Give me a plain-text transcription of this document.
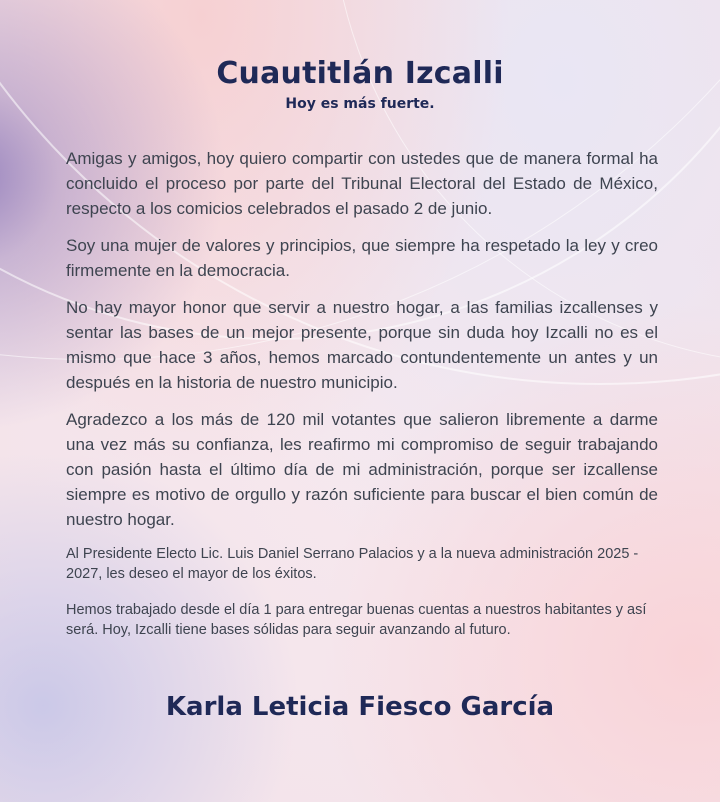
Cuautitlán Izcalli
Hoy es más fuerte.

Amigas y amigos, hoy quiero compartir con ustedes que de manera formal ha concluido el proceso por parte del Tribunal Electoral del Estado de México, respecto a los comicios celebrados el pasado 2 de junio.

Soy una mujer de valores y principios, que siempre ha respetado la ley y creo firmemente en la democracia.

No hay mayor honor que servir a nuestro hogar, a las familias izcallenses y sentar las bases de un mejor presente, porque sin duda hoy Izcalli no es el mismo que hace 3 años, hemos marcado contundentemente un antes y un después en la historia de nuestro municipio.

Agradezco a los más de 120 mil votantes que salieron libremente a darme una vez más su confianza, les reafirmo mi compromiso de seguir trabajando con pasión hasta el último día de mi administración, porque ser izcallense siempre es motivo de orgullo y razón suficiente para buscar el bien común de nuestro hogar.

Al Presidente Electo Lic. Luis Daniel Serrano Palacios y a la nueva administración 2025 - 2027, les deseo el mayor de los éxitos.

Hemos trabajado desde el día 1 para entregar buenas cuentas a nuestros habitantes y así será. Hoy, Izcalli tiene bases sólidas para seguir avanzando al futuro.

Karla Leticia Fiesco García
